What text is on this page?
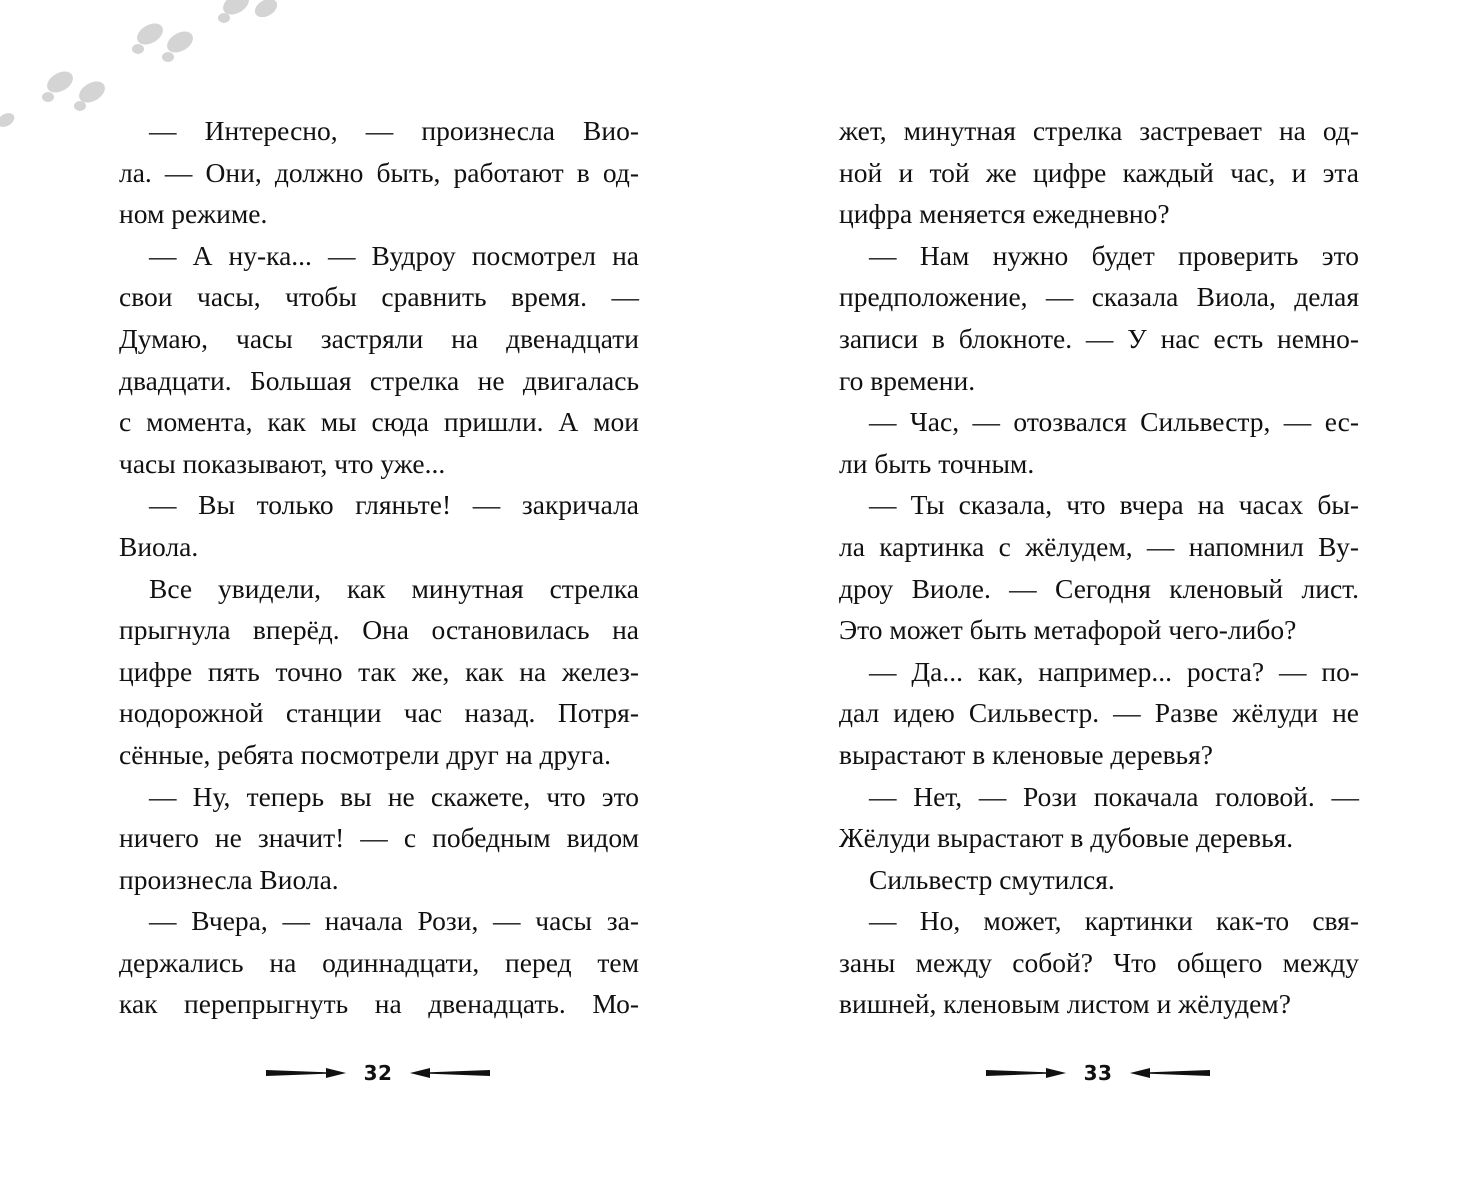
— Интересно, — произнесла Вио-
ла. — Они, должно быть, работают в од-
ном режиме.
— А ну-ка... — Вудроу посмотрел на
свои часы, чтобы сравнить время. —
Думаю, часы застряли на двенадцати
двадцати. Большая стрелка не двигалась
с момента, как мы сюда пришли. А мои
часы показывают, что уже...
— Вы только гляньте! — закричала
Виола.
Все увидели, как минутная стрелка
прыгнула вперёд. Она остановилась на
цифре пять точно так же, как на желез-
нодорожной станции час назад. Потря-
сённые, ребята посмотрели друг на друга.
— Ну, теперь вы не скажете, что это
ничего не значит! — с победным видом
произнесла Виола.
— Вчера, — начала Рози, — часы за-
держались на одиннадцати, перед тем
как перепрыгнуть на двенадцать. Мо-
жет, минутная стрелка застревает на од-
ной и той же цифре каждый час, и эта
цифра меняется ежедневно?
— Нам нужно будет проверить это
предположение, — сказала Виола, делая
записи в блокноте. — У нас есть немно-
го времени.
— Час, — отозвался Сильвестр, — ес-
ли быть точным.
— Ты сказала, что вчера на часах бы-
ла картинка с жёлудем, — напомнил Ву-
дроу Виоле. — Сегодня кленовый лист.
Это может быть метафорой чего-либо?
— Да... как, например... роста? — по-
дал идею Сильвестр. — Разве жёлуди не
вырастают в кленовые деревья?
— Нет, — Рози покачала головой. —
Жёлуди вырастают в дубовые деревья.
Сильвестр смутился.
— Но, может, картинки как-то свя-
заны между собой? Что общего между
вишней, кленовым листом и жёлудем?
32	33
